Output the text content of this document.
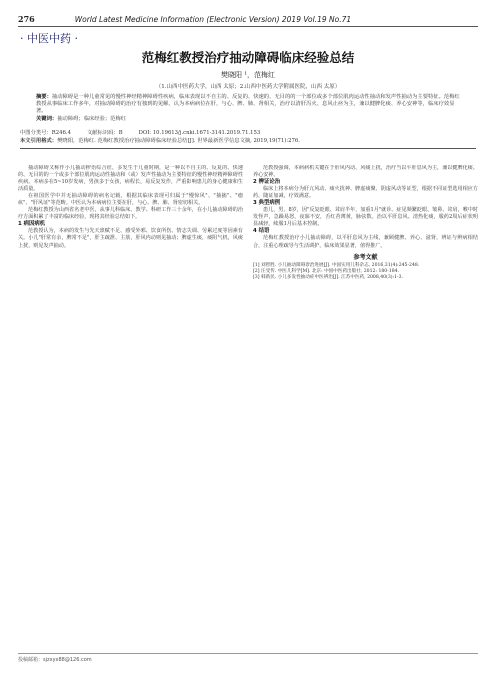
276	World Latest Medicine Information (Electronic Version) 2019 Vol.19 No.71
· 中医中药 ·
范梅红教授治疗抽动障碍临床经验总结
樊晓阳 ¹，范梅红
（1.山西中医药大学，山西 太原；2.山西中医药大学附属医院，山西 太原）
摘要：抽动障碍是一种儿童常见的慢性神经精神障碍性疾病，临床表现以不自主的、反复的、快速的、无目的的一个部位或多个部位肌肉运动性抽动和发声性抽动为主要特征。范梅红教授从事临床工作多年，对抽动障碍的治疗有独到的见解，认为本病病位在肝，与心、脾、肺、肾相关，治疗以清肝泻火、息风止痉为主，兼以健脾化痰、养心安神等，临床疗效显著。
关键词：抽动障碍；临床经验；范梅红
中图分类号：R246.4	文献标识码：B	DOI: 10.19613/j.cnki.1671-3141.2019.71.153
本文引用格式：樊晓阳，范梅红. 范梅红教授治疗抽动障碍临床经验总结[J]. 世界最新医学信息文摘, 2019,19(71):276.

抽动障碍又称作小儿抽动秽语综合征，多发生于儿童时期，是一种以不自主的、反复的、快速的、无目的的一个或多个部位肌肉运动性抽动和（或）发声性抽动为主要特征的慢性神经精神障碍性疾病。本病多在5~10岁发病，男孩多于女孩，病程长，易反复发作，严重影响患儿的身心健康和生活质量。

在祖国医学中并无抽动障碍的病名记载，根据其临床表现可归属于"慢惊风"、"抽搐"、"瘛疭"、"肝风证"等范畴。中医认为本病病位主要在肝，与心、脾、肺、肾密切相关。

范梅红教授为山西省名老中医，从事儿科临床、教学、科研工作三十余年，在小儿抽动障碍的治疗方面积累了丰富的临床经验，现将其经验总结如下。

1 病因病机

范教授认为，本病的发生与先天禀赋不足、感受外邪、饮食所伤、情志失调、劳累过度等因素有关。小儿"肝常有余，脾常不足"，肝主疏泄、主筋，肝风内动则见抽动；脾虚生痰，痰阻气机，风痰上扰，则见发声抽动。

范教授强调，本病病机关键在于肝风内动、风痰上扰，治疗当以平肝息风为主，兼以健脾化痰、养心安神。

2 辨证论治

临床上将本病分为肝亢风动、痰火扰神、脾虚痰聚、阴虚风动等证型，根据不同证型选用相应方药，随证加减，疗效满意。

3 典型病例

患儿，男，8岁，因"反复眨眼、耸肩半年，加重1月"就诊。症见频繁眨眼、皱鼻、耸肩，喉中时发怪声，急躁易怒，夜寐不安，舌红苔薄黄，脉弦数。治以平肝息风、清热化痰，服药2周后症状明显减轻，续服1月后基本控制。

4 结语

范梅红教授治疗小儿抽动障碍，以平肝息风为主线，兼顾健脾、养心、滋肾，辨证与辨病相结合，注重心理疏导与生活调护，临床效果显著，值得推广。

参考文献
[1] 刘智胜. 小儿抽动障碍诊治进展[J]. 中国实用儿科杂志, 2016,31(4):245-248.
[2] 汪受传. 中医儿科学[M]. 北京: 中国中医药出版社, 2012: 180-184.
[3] 韩新民. 小儿多发性抽动症中医辨治[J]. 江苏中医药, 2008,40(3):1-3.
投稿邮箱：sjzxyx88@126.com
